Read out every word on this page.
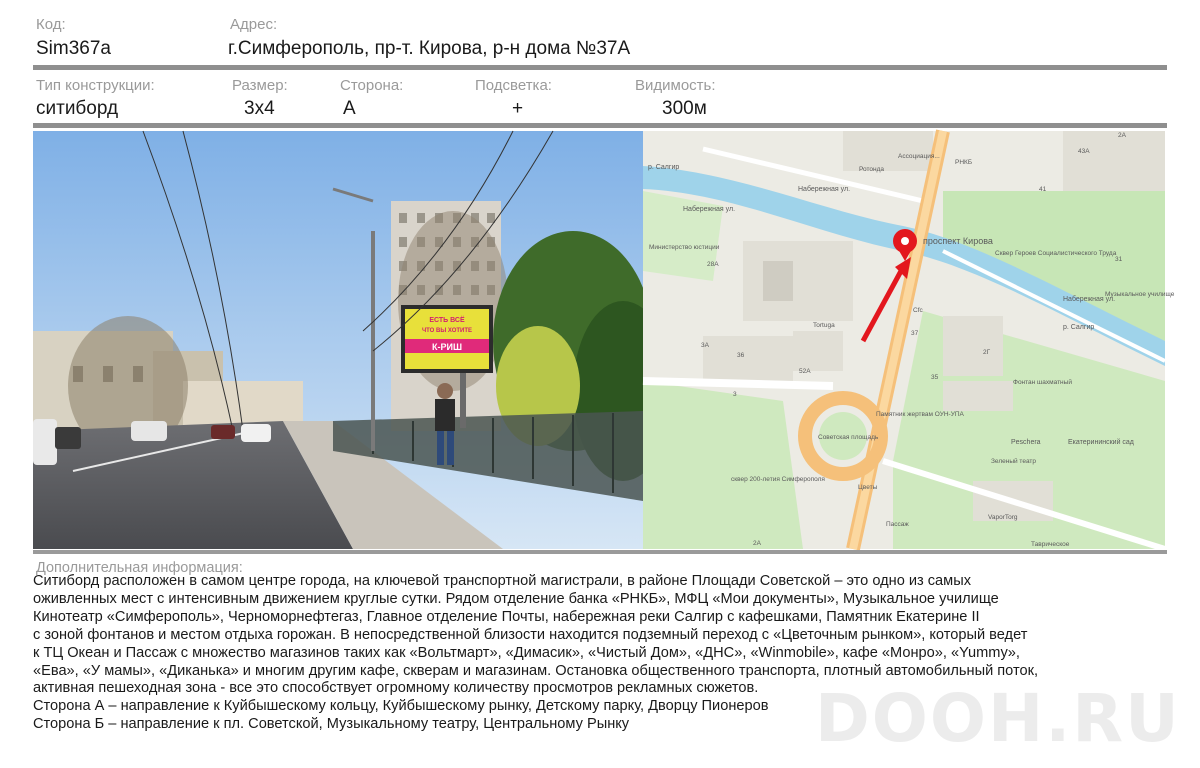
Код:
Sim367a
Адрес:
г.Симферополь, пр-т. Кирова, р-н дома №37А
Тип конструкции:
ситиборд
Размер:
3х4
Сторона:
А
Подсветка:
+
Видимость:
300м
ЕСТЬ ВСЁ
ЧТО ВЫ ХОТИТЕ
К-РИШ
проспект Кирова
р. Салгир
р. Салгир
Набережная ул.
Набережная ул.
Набережная ул.
Министерство юстиции
Ротонда
Ассоциация...
РНКБ
Сквер Героев Социалистического Труда
Музыкальное училище
Фонтан шахматный
Peschera
Зеленый театр
Екатерининский сад
Советская площадь
Памятник жертвам ОУН-УПА
Tortuga
Cfc
Цветы
Пассаж
VaporTorg
Таврическое
сквер 200-летия Симферополя
43А
2А
41
31
28А
3А
36
52А
3
37
35
2Г
2А
Дополнительная информация:

Ситиборд расположен в самом центре города, на ключевой транспортной магистрали, в районе Площади Советской – это одно из самых

оживленных мест с интенсивным движением круглые сутки. Рядом отделение банка «РНКБ», МФЦ «Мои документы», Музыкальное училище

Кинотеатр «Симферополь», Черноморнефтегаз, Главное отделение Почты, набережная реки Салгир с кафешками, Памятник Екатерине II

с зоной фонтанов и местом отдыха горожан. В непосредственной близости находится подземный переход с «Цветочным рынком», который ведет

к ТЦ Океан и Пассаж с множество магазинов таких как «Вольтмарт», «Димасик», «Чистый Дом», «ДНС», «Winmobile», кафе «Монро», «Yummy»,

«Ева», «У мамы», «Диканька» и многим другим кафе, скверам и магазинам. Остановка общественного транспорта, плотный автомобильный поток,

активная пешеходная зона - все это способствует огромному количеству просмотров рекламных сюжетов.

Сторона А – направление к Куйбышескому кольцу, Куйбышескому рынку, Детскому парку, Дворцу Пионеров

Сторона Б – направление к пл. Советской, Музыкальному театру, Центральному Рынку	DOOH.RU
